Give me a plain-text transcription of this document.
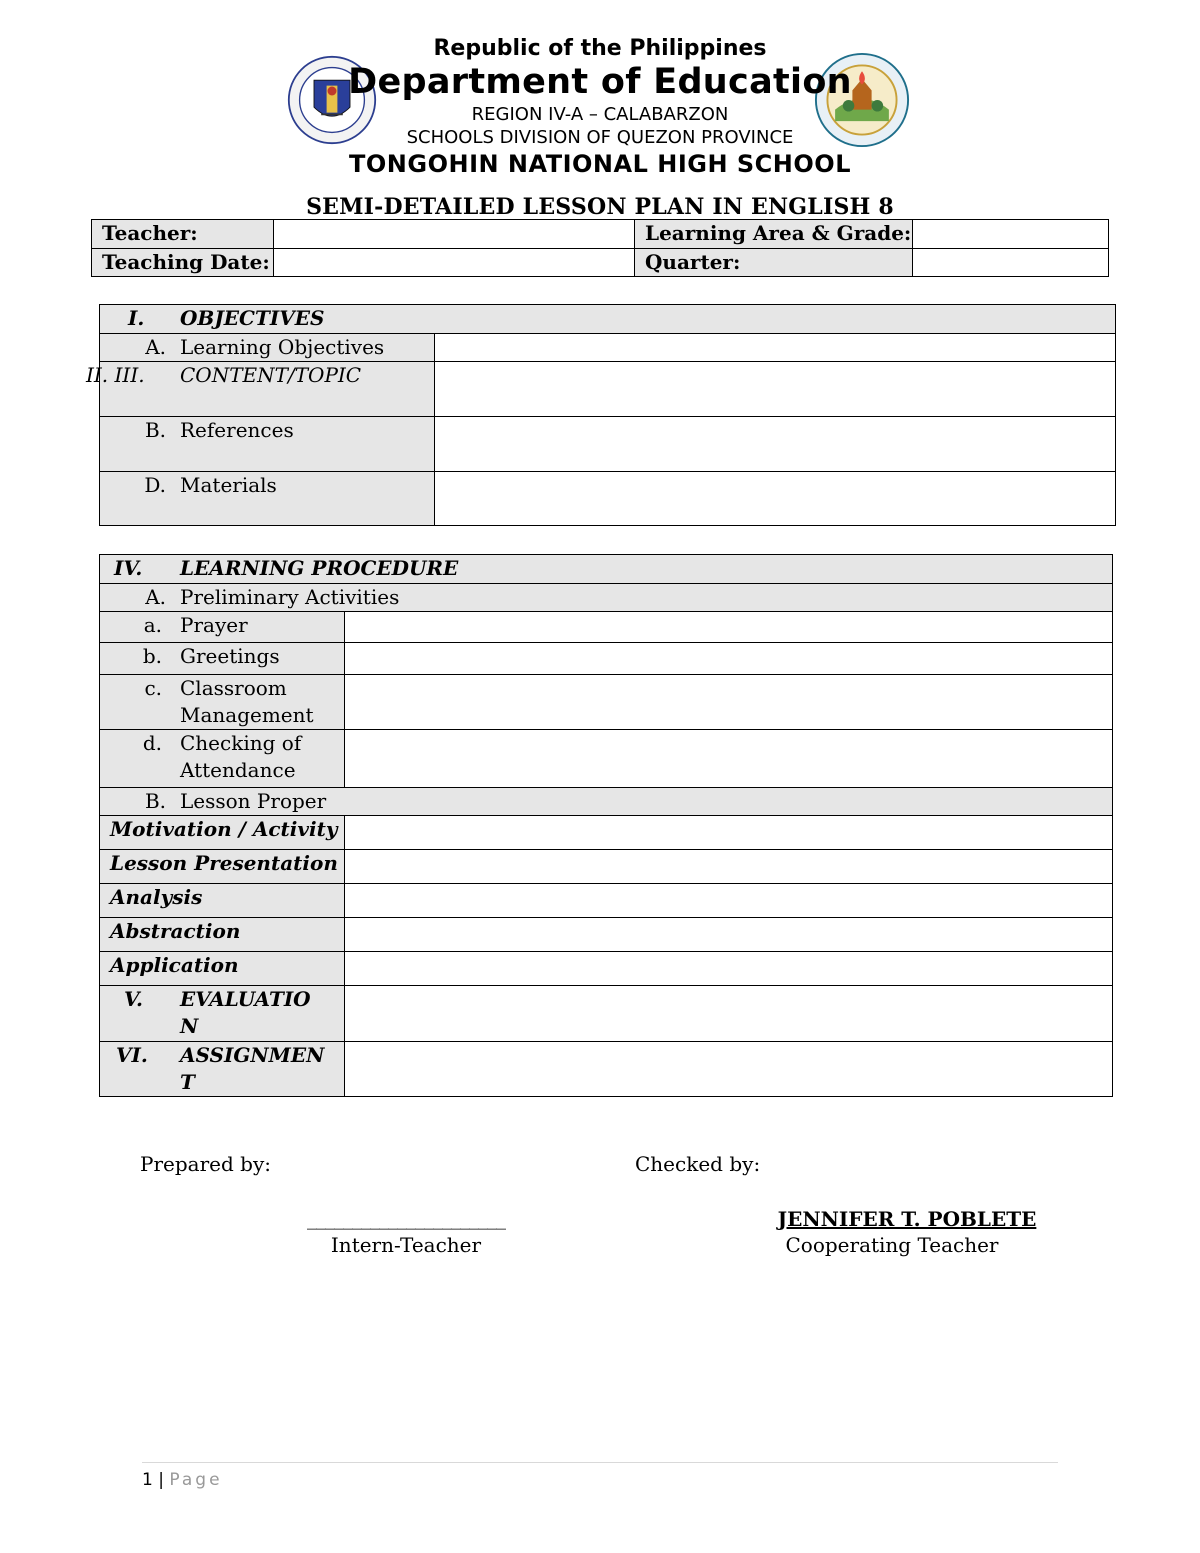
Republic of the Philippines
Department of Education
REGION IV-A – CALABARZON
SCHOOLS DIVISION OF QUEZON PROVINCE
TONGOHIN NATIONAL HIGH SCHOOL
SEMI-DETAILED LESSON PLAN IN ENGLISH 8
Teacher:	Learning Area & Grade:
Teaching Date:	Quarter:
I. OBJECTIVES
A. Learning Objectives
II. III. CONTENT/TOPIC
B. References
D. Materials
IV. LEARNING PROCEDURE
A. Preliminary Activities
a. Prayer
b. Greetings
c. Classroom
Management
d. Checking of
Attendance
B. Lesson Proper
Motivation / Activity
Lesson Presentation
Analysis
Abstraction
Application
V. EVALUATIO
N
VI. ASSIGNMEN
T
Prepared by:	Checked by:
______________________
Intern-Teacher
JENNIFER T. POBLETE
Cooperating Teacher
1 | Page
